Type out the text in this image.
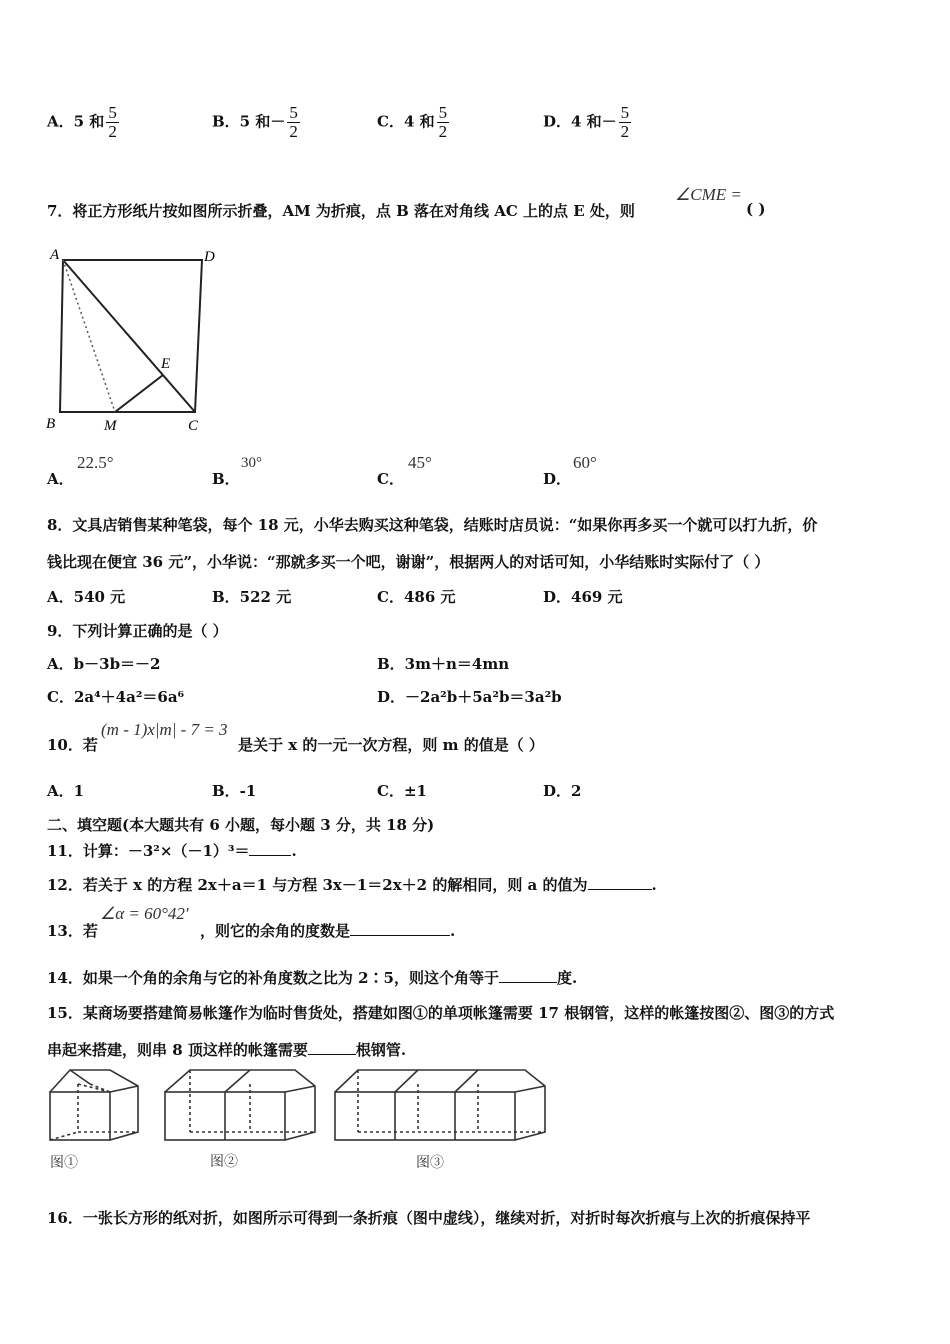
A．5 和 $\frac{5}{2}$	B．5 和－ $\frac{5}{2}$	C．4 和 $\frac{5}{2}$	D．4 和－ $\frac{5}{2}$
7．将正方形纸片按如图所示折叠，AM 为折痕，点 B 落在对角线 AC 上的点 E 处，则
∠CME =
( )
A	D
B	C
M
E
A．
22.5°
B．
30°
C．
45°
D．
60°
8．文具店销售某种笔袋，每个 18 元，小华去购买这种笔袋，结账时店员说：“如果你再多买一个就可以打九折，价
钱比现在便宜 36 元”，小华说：“那就多买一个吧，谢谢”，根据两人的对话可知，小华结账时实际付了（ ）
A．540 元	B．522 元	C．486 元	D．469 元
9．下列计算正确的是（ ）
A．b－3b＝－2	B．3m＋n＝4mn
C．2a⁴＋4a²＝6a⁶	D．－2a²b＋5a²b＝3a²b
10．若
(m - 1)x|m| - 7 = 3
是关于 x 的一元一次方程，则 m 的值是（ ）
A．1	B．-1	C．±1	D．2
二、填空题(本大题共有 6 小题，每小题 3 分，共 18 分)
11．计算：－3²×（－1）³＝	.
12．若关于 x 的方程 2x＋a＝1 与方程 3x－1＝2x＋2 的解相同，则 a 的值为	.
13．若
∠α = 60°42′
，则它的余角的度数是	.
14．如果一个角的余角与它的补角度数之比为 2∶5，则这个角等于	度.
15．某商场要搭建简易帐篷作为临时售货处，搭建如图①的单项帐篷需要 17 根钢管，这样的帐篷按图②、图③的方式
串起来搭建，则串 8 顶这样的帐篷需要	根钢管.
图①	图②	图③
16．一张长方形的纸对折，如图所示可得到一条折痕（图中虚线），继续对折，对折时每次折痕与上次的折痕保持平
